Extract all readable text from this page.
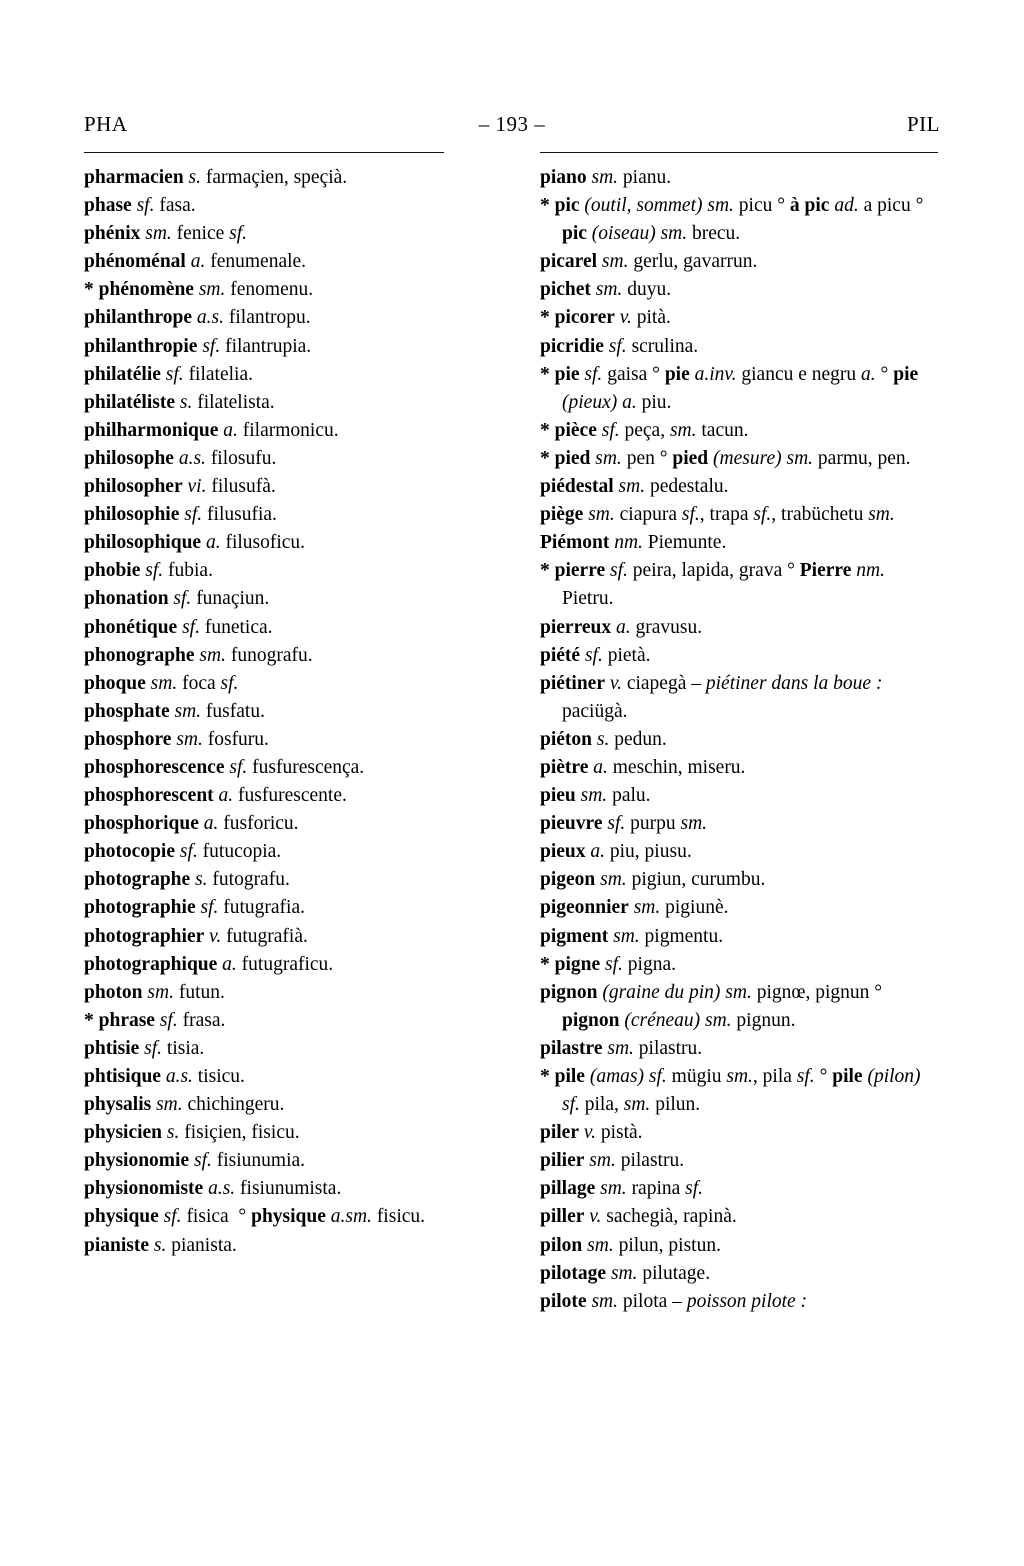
PHA	– 193 –	PIL
pharmacien s. farmaçien, speçià.
phase sf. fasa.
phénix sm. fenice sf.
phénoménal a. fenumenale.
* phénomène sm. fenomenu.
philanthrope a.s. filantropu.
philanthropie sf. filantrupia.
philatélie sf. filatelia.
philatéliste s. filatelista.
philharmonique a. filarmonicu.
philosophe a.s. filosufu.
philosopher vi. filusufà.
philosophie sf. filusufia.
philosophique a. filusoficu.
phobie sf. fubia.
phonation sf. funaçiun.
phonétique sf. funetica.
phonographe sm. funografu.
phoque sm. foca sf.
phosphate sm. fusfatu.
phosphore sm. fosfuru.
phosphorescence sf. fusfurescença.
phosphorescent a. fusfurescente.
phosphorique a. fusforicu.
photocopie sf. futucopia.
photographe s. futografu.
photographie sf. futugrafia.
photographier v. futugrafià.
photographique a. futugraficu.
photon sm. futun.
* phrase sf. frasa.
phtisie sf. tisia.
phtisique a.s. tisicu.
physalis sm. chichingeru.
physicien s. fisiçien, fisicu.
physionomie sf. fisiunumia.
physionomiste a.s. fisiunumista.
physique sf. fisica  ° physique a.sm. fisicu.
pianiste s. pianista.
piano sm. pianu.
* pic (outil, sommet) sm. picu ° à pic ad. a picu ° pic (oiseau) sm. brecu.
picarel sm. gerlu, gavarrun.
pichet sm. duyu.
* picorer v. pità.
picridie sf. scrulina.
* pie sf. gaisa ° pie a.inv. giancu e negru a. ° pie (pieux) a. piu.
* pièce sf. peça, sm. tacun.
* pied sm. pen ° pied (mesure) sm. parmu, pen.
piédestal sm. pedestalu.
piège sm. ciapura sf., trapa sf., trabüchetu sm.
Piémont nm. Piemunte.
* pierre sf. peira, lapida, grava ° Pierre nm. Pietru.
pierreux a. gravusu.
piété sf. pietà.
piétiner v. ciapegà – piétiner dans la boue : paciügà.
piéton s. pedun.
piètre a. meschin, miseru.
pieu sm. palu.
pieuvre sf. purpu sm.
pieux a. piu, piusu.
pigeon sm. pigiun, curumbu.
pigeonnier sm. pigiunè.
pigment sm. pigmentu.
* pigne sf. pigna.
pignon (graine du pin) sm. pignœ, pignun ° pignon (créneau) sm. pignun.
pilastre sm. pilastru.
* pile (amas) sf. mügiu sm., pila sf. ° pile (pilon) sf. pila, sm. pilun.
piler v. pistà.
pilier sm. pilastru.
pillage sm. rapina sf.
piller v. sachegià, rapinà.
pilon sm. pilun, pistun.
pilotage sm. pilutage.
pilote sm. pilota – poisson pilote :
